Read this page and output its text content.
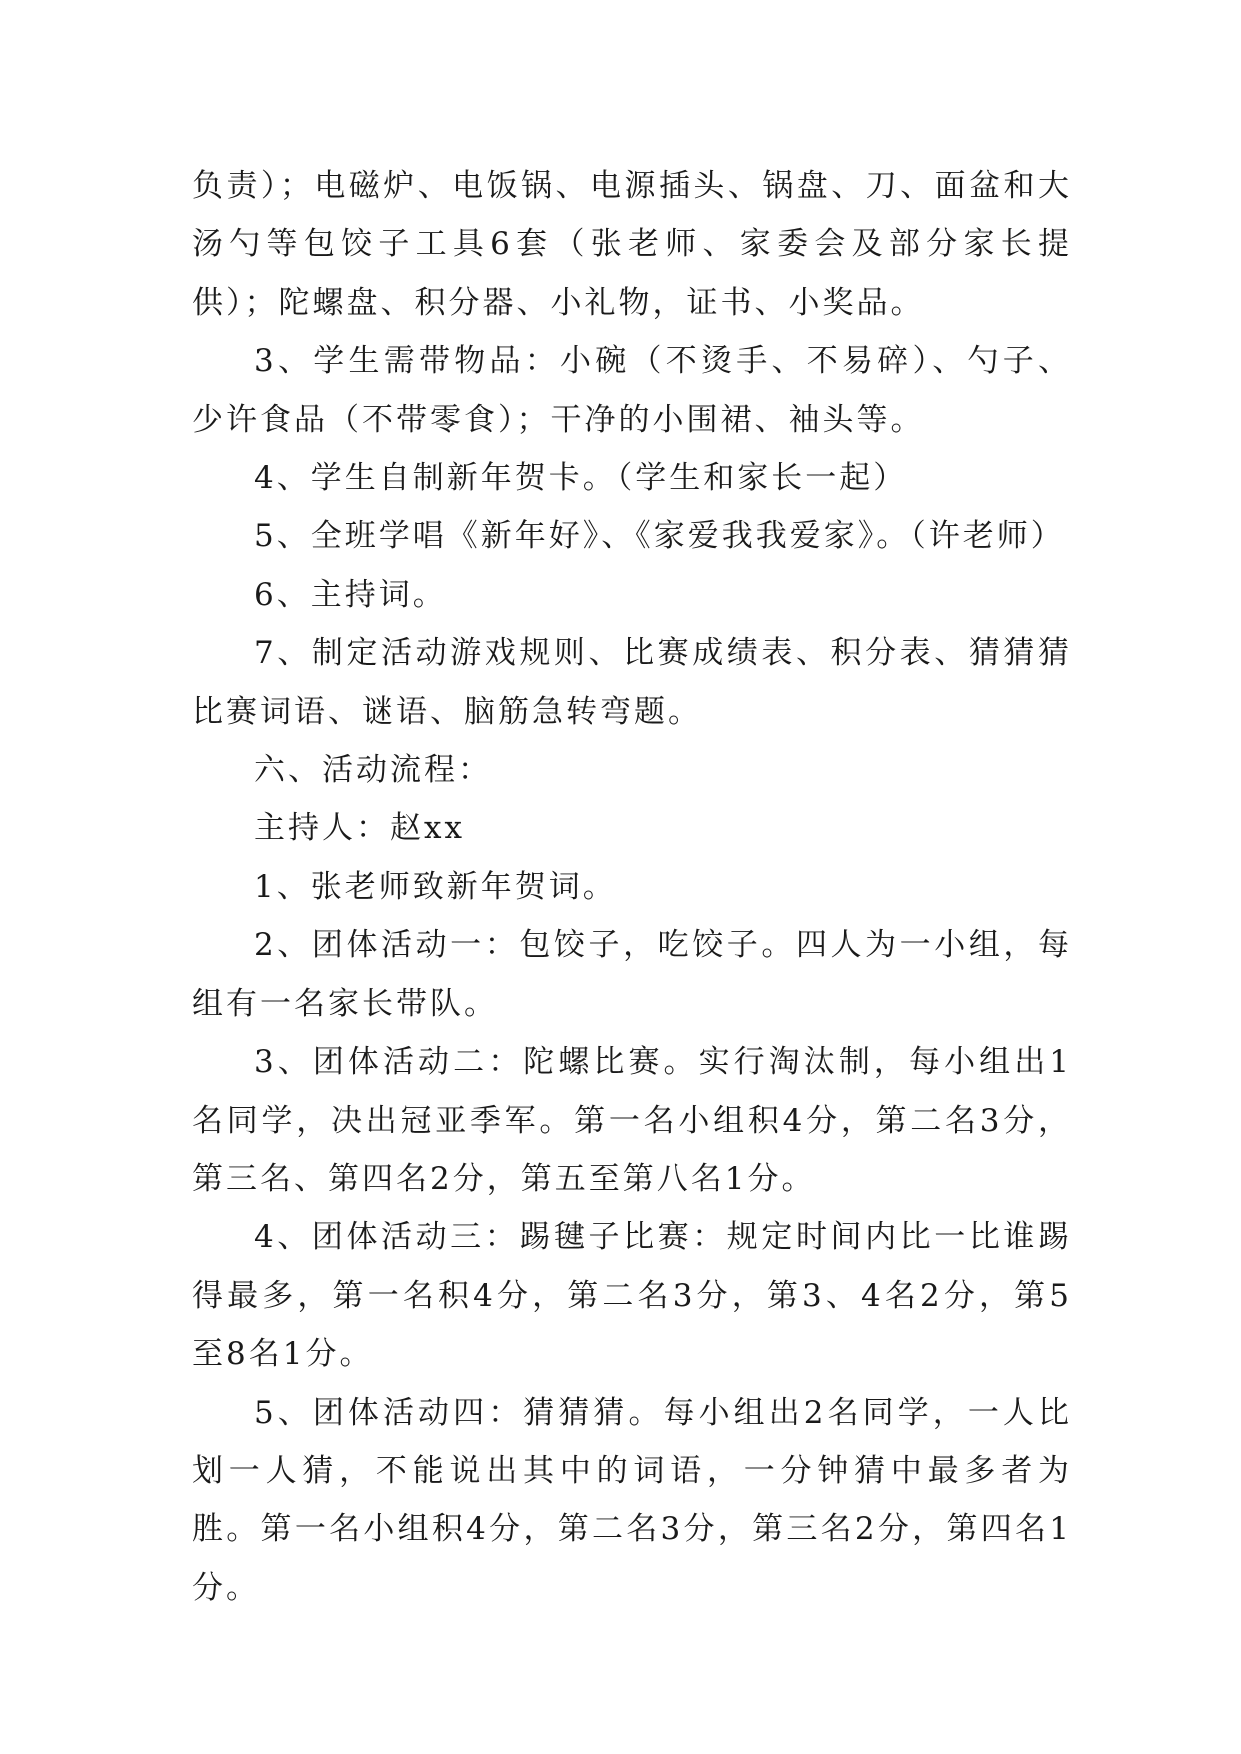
负责）；电磁炉、电饭锅、电源插头、锅盘、刀、面盆和大汤勺等包饺子工具6套（张老师、家委会及部分家长提供）；陀螺盘、积分器、小礼物，证书、小奖品。

3、学生需带物品：小碗（不烫手、不易碎）、勺子、少许食品（不带零食）；干净的小围裙、袖头等。

4、学生自制新年贺卡。（学生和家长一起）

5、全班学唱《新年好》、《家爱我我爱家》。（许老师）

6、主持词。

7、制定活动游戏规则、比赛成绩表、积分表、猜猜猜比赛词语、谜语、脑筋急转弯题。

六、活动流程：

主持人：赵xx

1、张老师致新年贺词。

2、团体活动一：包饺子，吃饺子。四人为一小组，每组有一名家长带队。

3、团体活动二：陀螺比赛。实行淘汰制，每小组出1名同学，决出冠亚季军。第一名小组积4分，第二名3分，第三名、第四名2分，第五至第八名1分。

4、团体活动三：踢毽子比赛：规定时间内比一比谁踢得最多，第一名积4分，第二名3分，第3、4名2分，第5至8名1分。

5、团体活动四：猜猜猜。每小组出2名同学，一人比划一人猜，不能说出其中的词语，一分钟猜中最多者为胜。第一名小组积4分，第二名3分，第三名2分，第四名1分。
